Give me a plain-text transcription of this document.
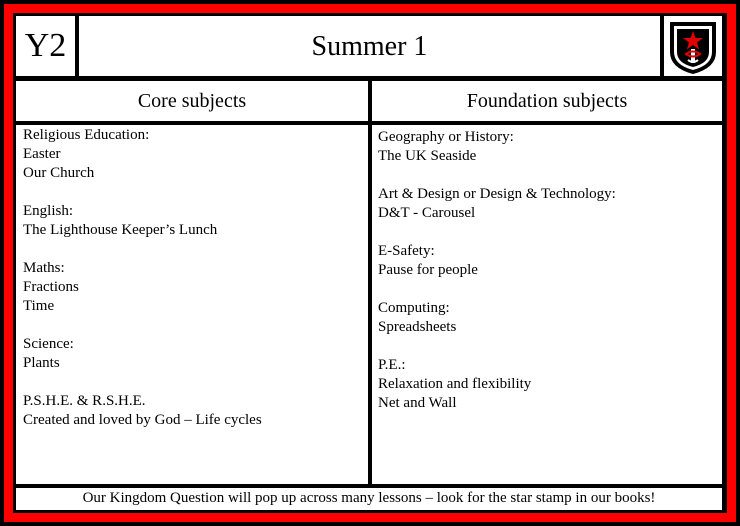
Y2	Summer 1
Core subjects	Foundation subjects
Religious Education:
Easter
Our Church
English:
The Lighthouse Keeper’s Lunch
Maths:
Fractions
Time
Science:
Plants
P.S.H.E. & R.S.H.E.
Created and loved by God – Life cycles
Geography or History:
The UK Seaside
Art & Design or Design & Technology:
D&T - Carousel
E-Safety:
Pause for people
Computing:
Spreadsheets
P.E.:
Relaxation and flexibility
Net and Wall
Our Kingdom Question will pop up across many lessons – look for the star stamp in our books!
